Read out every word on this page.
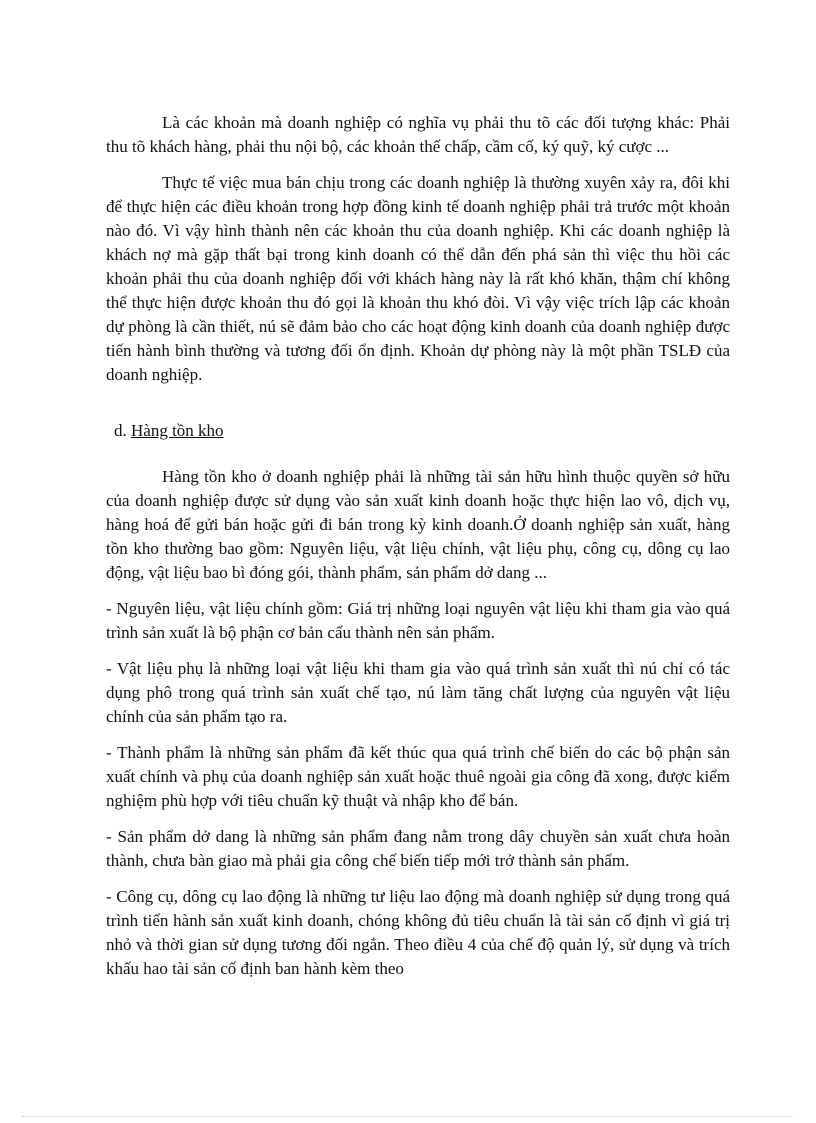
Là các khoản mà doanh nghiệp có nghĩa vụ phải thu tõ các đối tượng khác: Phải thu tõ khách hàng, phải thu nội bộ, các khoản thế chấp, cầm cố, ký quỹ, ký cược ...

Thực tế việc mua bán chịu trong các doanh nghiệp là thường xuyên xảy ra, đôi khi để thực hiện các điều khoản trong hợp đồng kinh tế doanh nghiệp phải trả trước một khoản nào đó. Vì vậy hình thành nên các khoản thu của doanh nghiệp. Khi các doanh nghiệp là khách nợ mà gặp thất bại trong kinh doanh có thể dẫn đến phá sản thì việc thu hồi các khoản phải thu của doanh nghiệp đối với khách hàng này là rất khó khăn, thậm chí không thể thực hiện được khoản thu đó gọi là khoản thu khó đòi. Vì vậy việc trích lập các khoản dự phòng là cần thiết, nú sẽ đảm bảo cho các hoạt động kinh doanh của doanh nghiệp được tiến hành bình thường và tương đối ổn định. Khoản dự phòng này là một phần TSLĐ của doanh nghiệp.

d. Hàng tồn kho

Hàng tồn kho ở doanh nghiệp phải là những tài sản hữu hình thuộc quyền sở hữu của doanh nghiệp được sử dụng vào sản xuất kinh doanh hoặc thực hiện lao vô, dịch vụ, hàng hoá để gửi bán hoặc gửi đi bán trong kỳ kinh doanh.Ở doanh nghiệp sản xuất, hàng tồn kho thường bao gồm: Nguyên liệu, vật liệu chính, vật liệu phụ, công cụ, dông cụ lao động, vật liệu bao bì đóng gói, thành phẩm, sản phẩm dở dang ...

- Nguyên liệu, vật liệu chính gồm: Giá trị những loại nguyên vật liệu khi tham gia vào quá trình sản xuất là bộ phận cơ bản cấu thành nên sản phẩm.

- Vật liệu phụ là những loại vật liệu khi tham gia vào quá trình sản xuất thì nú chỉ có tác dụng phô trong quá trình sản xuất chế tạo, nú làm tăng chất lượng của nguyên vật liệu chính của sản phẩm tạo ra.

- Thành phẩm là những sản phẩm đã kết thúc qua quá trình chế biến do các bộ phận sản xuất chính và phụ của doanh nghiệp sản xuất hoặc thuê ngoài gia công đã xong, được kiểm nghiệm phù hợp với tiêu chuẩn kỹ thuật và nhập kho để bán.

- Sản phẩm dở dang là những sản phẩm đang nằm trong dây chuyền sản xuất chưa hoàn thành, chưa bàn giao mà phải gia công chế biến tiếp mới trở thành sản phẩm.

- Công cụ, dông cụ lao động là những tư liệu lao động mà doanh nghiệp sử dụng trong quá trình tiến hành sản xuất kinh doanh, chóng không đủ tiêu chuẩn là tài sản cố định vì giá trị nhỏ và thời gian sử dụng tương đối ngắn. Theo điều 4 của chế độ quản lý, sử dụng và trích khấu hao tài sản cố định ban hành kèm theo
